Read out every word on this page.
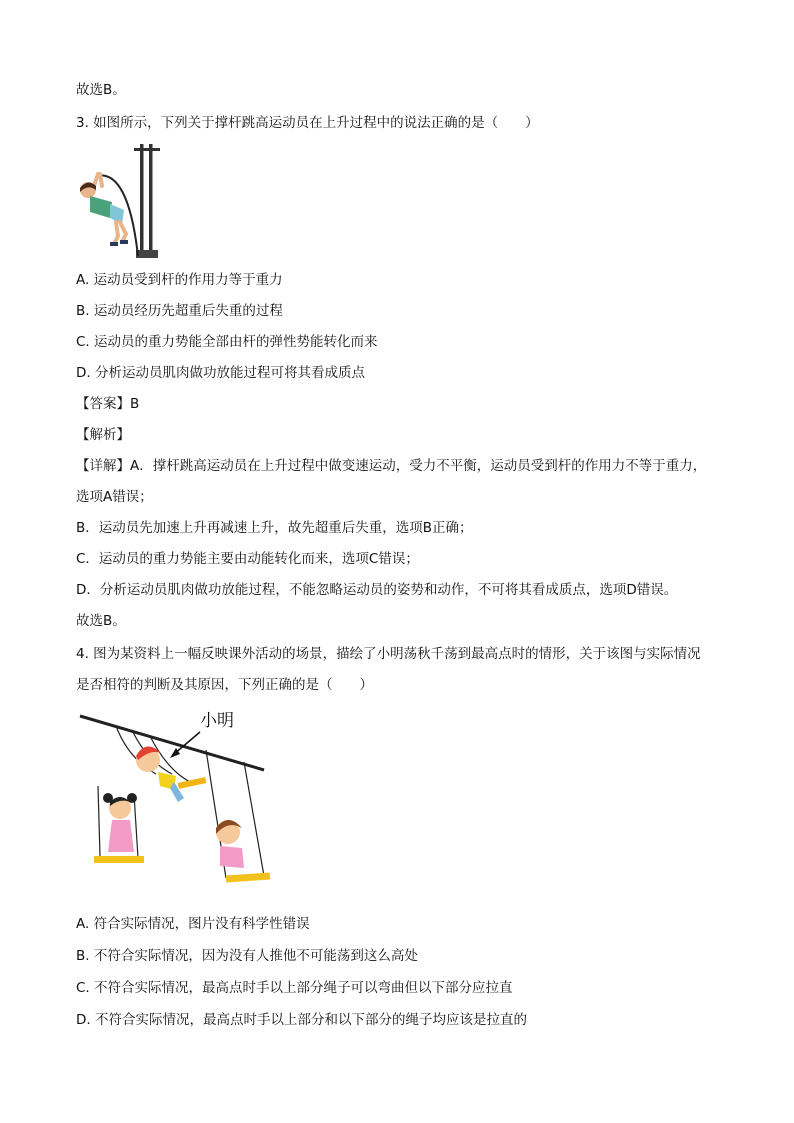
故选B。
3. 如图所示，下列关于撑杆跳高运动员在上升过程中的说法正确的是（　　）
A. 运动员受到杆的作用力等于重力
B. 运动员经历先超重后失重的过程
C. 运动员的重力势能全部由杆的弹性势能转化而来
D. 分析运动员肌肉做功放能过程可将其看成质点
【答案】B
【解析】
【详解】A．撑杆跳高运动员在上升过程中做变速运动，受力不平衡，运动员受到杆的作用力不等于重力，
选项A错误；
B．运动员先加速上升再减速上升，故先超重后失重，选项B正确；
C．运动员的重力势能主要由动能转化而来，选项C错误；
D．分析运动员肌肉做功放能过程，不能忽略运动员的姿势和动作，不可将其看成质点，选项D错误。
故选B。
4. 图为某资料上一幅反映课外活动的场景，描绘了小明荡秋千荡到最高点时的情形，关于该图与实际情况
是否相符的判断及其原因，下列正确的是（　　）
小明
A. 符合实际情况，图片没有科学性错误
B. 不符合实际情况，因为没有人推他不可能荡到这么高处
C. 不符合实际情况，最高点时手以上部分绳子可以弯曲但以下部分应拉直
D. 不符合实际情况，最高点时手以上部分和以下部分的绳子均应该是拉直的
